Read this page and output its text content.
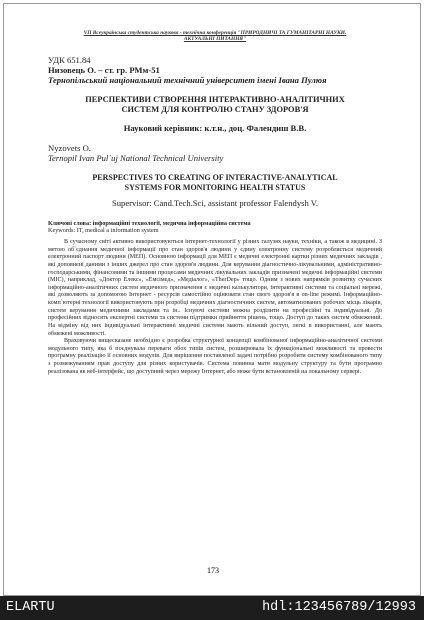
VII Всеукраїнська студентська наукова - технічна конференція "ПРИРОДНИЧІ ТА ГУМАНІТАРНІ НАУКИ.
АКТУАЛЬНІ ПИТАННЯ"
УДК 651.84
Низовець О. – ст. гр. РМм-51
Тернопільський національний технічний університет імені Івана Пулюя
ПЕРСПЕКТИВИ СТВОРЕННЯ ІНТЕРАКТИВНО-АНАЛІТИЧНИХ
СИСТЕМ ДЛЯ КОНТРОЛЮ СТАНУ ЗДОРОВ'Я
Науковий керівник: к.т.н., доц. Фалендиш В.В.
Nyzovets O.
Ternopil Ivan Pul`uj National Technical University
PERSPECTIVES TO CREATING OF INTERACTIVE-ANALYTICAL
SYSTEMS FOR MONITORING HEALTH STATUS
Supervisor: Cand.Tech.Sci, assistant professor Falendysh V.
Ключові слова: інформаційні технології, медична інформаційна система
Keywords: IT, medical a information system

В сучасному світі активно використовуються інтернет-технології у різних галузях науки, техніки, а також в медицині. З метою об`єднання медичної інформації про стан здоров'я людини у єдину електронну систему розробляється медичний електронний паспорт людини (МЕП). Основною інформації для МЕП є медичні електронні картки різних медичних закладів , які доповнені даними з інших джерел про стан здоров'я людини. Для керування діагностично-лікувальними, адміністративно-господарськими, фінансовими та іншими процесами медичних лікувальних закладів призначені медичні інформаційні системи (МІС), наприклад, «Доктор Елекс», «Емсімед», «Медіалог», «TherDep» тощо. Одним з нових напрямків розвитку сучасних інформаційно-аналітичних систем медичного призначення є медичні калькулятори, інтерактивні системи та соціальні мережі, які дозволяють за допомогою Інтернет - ресурсів самостійно оцінювати стан свого здоров'я в on-line режимі. Інформаційно-комп`ютерні технології використовують при розробці медичних діагностичних систем, автоматизованих робочих місць лікарів, систем керування медичними закладами та ін.. Існуючі системи можна розділити на професійні та індивідуальні. До професійних відносять експертні системи та системи підтримки прийняття рішень, тощо. Доступ до таких систем обмежений. На відміну від них індивідуальні інтерактивні медичні системи мають вільний доступ, легкі в використанні, але мають обмежені можливості.

Враховуючи вищесказане необхідно є розробка структурної концепції комбінованої інформаційно-аналітичної системи модульного типу, яка б поєднувала переваги обох типів систем, розширювала їх функціональні можливості та провести програмну реалізацію її основних модулів. Для вирішення поставленої задачі потрібно розробити систему комбінованого типу з розмежуванням прав доступу для різних користувачів. Система повинна мати модульну структуру та бути програмно реалізована як веб-інтерфейс, що доступний через мережу Інтернет, або може бути встановленій на локальному сервері.

173
ELARTU	hdl:123456789/12993
